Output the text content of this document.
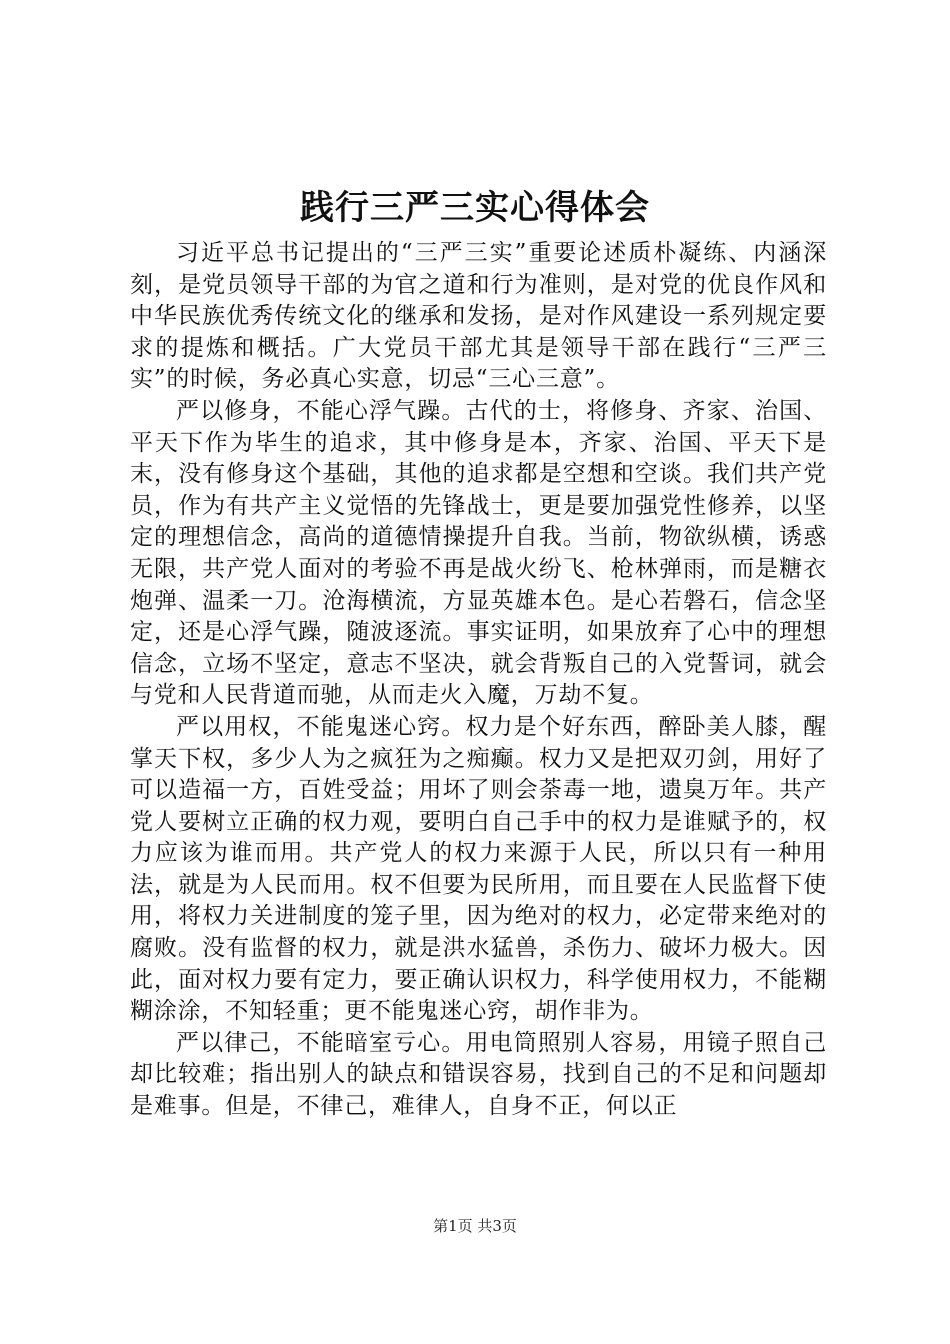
践行三严三实心得体会

习近平总书记提出的“三严三实”重要论述质朴凝练、内涵深刻，是党员领导干部的为官之道和行为准则，是对党的优良作风和中华民族优秀传统文化的继承和发扬，是对作风建设一系列规定要求的提炼和概括。广大党员干部尤其是领导干部在践行“三严三实”的时候，务必真心实意，切忌“三心三意”。

严以修身，不能心浮气躁。古代的士，将修身、齐家、治国、平天下作为毕生的追求，其中修身是本，齐家、治国、平天下是末，没有修身这个基础，其他的追求都是空想和空谈。我们共产党员，作为有共产主义觉悟的先锋战士，更是要加强党性修养，以坚定的理想信念，高尚的道德情操提升自我。当前，物欲纵横，诱惑无限，共产党人面对的考验不再是战火纷飞、枪林弹雨，而是糖衣炮弹、温柔一刀。沧海横流，方显英雄本色。是心若磐石，信念坚定，还是心浮气躁，随波逐流。事实证明，如果放弃了心中的理想信念，立场不坚定，意志不坚决，就会背叛自己的入党誓词，就会与党和人民背道而驰，从而走火入魔，万劫不复。

严以用权，不能鬼迷心窍。权力是个好东西，醉卧美人膝，醒掌天下权，多少人为之疯狂为之痴癫。权力又是把双刃剑，用好了可以造福一方，百姓受益；用坏了则会荼毒一地，遗臭万年。共产党人要树立正确的权力观，要明白自己手中的权力是谁赋予的，权力应该为谁而用。共产党人的权力来源于人民，所以只有一种用法，就是为人民而用。权不但要为民所用，而且要在人民监督下使用，将权力关进制度的笼子里，因为绝对的权力，必定带来绝对的腐败。没有监督的权力，就是洪水猛兽，杀伤力、破坏力极大。因此，面对权力要有定力，要正确认识权力，科学使用权力，不能糊糊涂涂，不知轻重；更不能鬼迷心窍，胡作非为。

严以律己，不能暗室亏心。用电筒照别人容易，用镜子照自己却比较难；指出别人的缺点和错误容易，找到自己的不足和问题却是难事。但是，不律己，难律人，自身不正，何以正

第1页 共3页
